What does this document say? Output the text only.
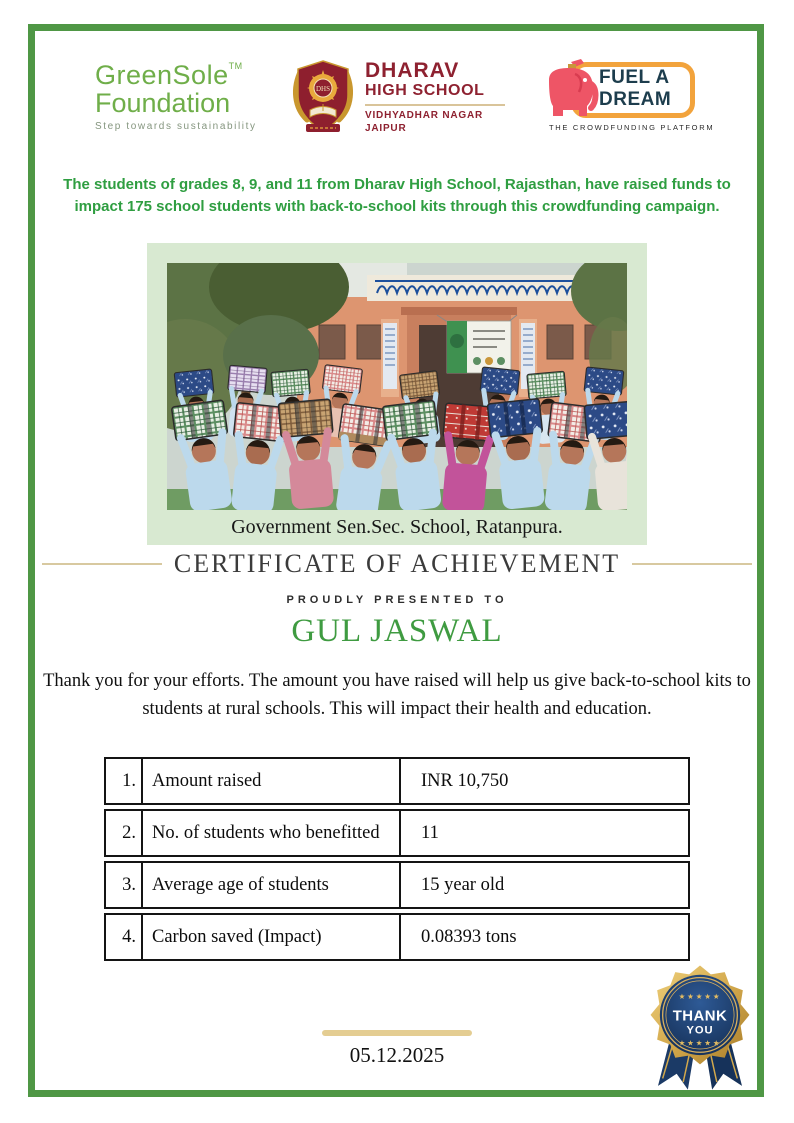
GreenSole™
Foundation
Step towards sustainability
DHS
DHARAV
HIGH SCHOOL
VIDHYADHAR NAGAR
JAIPUR
FUEL A
DREAM
THE CROWDFUNDING PLATFORM
The students of grades 8, 9, and 11 from Dharav High School, Rajasthan, have raised funds to impact 175 school students with back-to-school kits through this crowdfunding campaign.
Government Sen.Sec. School, Ratanpura.
CERTIFICATE OF ACHIEVEMENT
PROUDLY PRESENTED TO
GUL JASWAL
Thank you for your efforts. The amount you have raised will help us give back-to-school kits to students at rural schools. This will impact their health and education.
1. Amount raised	INR 10,750
2. No. of students who benefitted	11
3. Average age of students	15 year old
4. Carbon saved (Impact)	0.08393 tons
★★★★★
THANK
YOU
★★★★★
05.12.2025
